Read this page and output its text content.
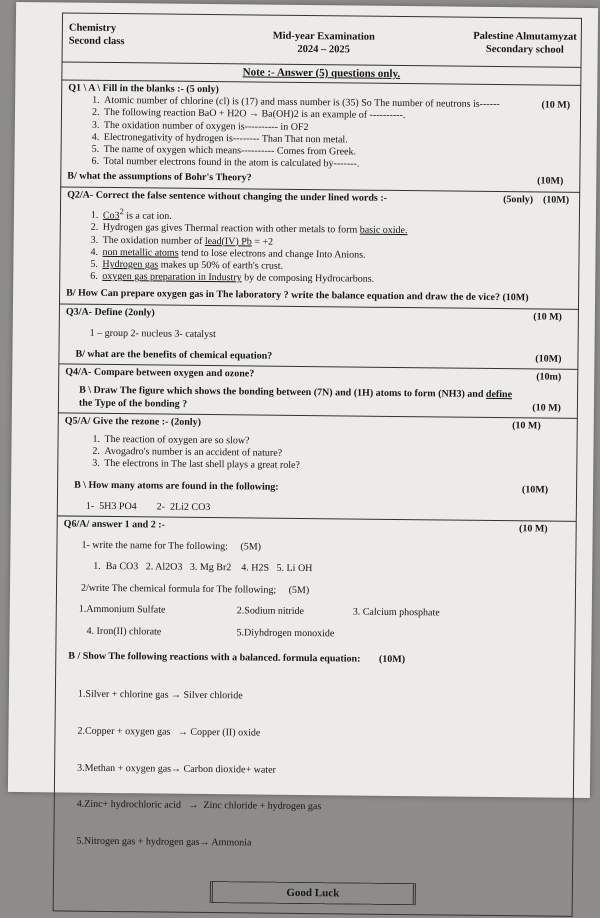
Chemistry
Second class	Mid-year Examination
2024 – 2025
Palestine Almutamyzat
Secondary school
Note :- Answer (5) questions only.
Q1 \ A \ Fill in the blanks :- (5 only)
(10 M)
1. Atomic number of chlorine (cl) is (17) and mass number is (35) So The number of neutrons is------
2. The following reaction BaO + H2O → Ba(OH)2 is an example of ----------.
3. The oxidation number of oxygen is---------- in OF2
4. Electronegativity of hydrogen is-------- Than That non metal.
5. The name of oxygen which means---------- Comes from Greek.
6. Total number electrons found in the atom is calculated by-------.
B/ what the assumptions of Bohr's Theory?	(10M)
Q2/A- Correct the false sentence without changing the under lined words :-	(5only) (10M)
1. $Co3^2$ is a cat ion.
2. Hydrogen gas gives Thermal reaction with other metals to form basic oxide.
3. The oxidation number of lead(IV) Pb = +2
4. non metallic atoms tend to lose electrons and change Into Anions.
5. Hydrogen gas makes up 50% of earth's crust.
6. oxygen gas preparation in Industry by de composing Hydrocarbons.
B/ How Can prepare oxygen gas in The laboratory ? write the balance equation and draw the de vice? (10M)
Q3/A- Define (2only)	(10 M)
1 – group 2- nucleus 3- catalyst
B/ what are the benefits of chemical equation?	(10M)
Q4/A- Compare between oxygen and ozone?	(10m)
B \ Draw The figure which shows the bonding between (7N) and (1H) atoms to form (NH3) and define
the Type of the bonding ?	(10 M)
Q5/A/ Give the rezone :- (2only)	(10 M)
1. The reaction of oxygen are so slow?
2. Avogadro's number is an accident of nature?
3. The electrons in The last shell plays a great role?
B \ How many atoms are found in the following:	(10M)
1-  5H3 PO4        2-  2Li2 CO3
Q6/A/ answer 1 and 2 :-	(10 M)
1- write the name for The following:     (5M)
1.  Ba CO3   2. Al2O3   3. Mg Br2    4. H2S   5. Li OH
2/write The chemical formula for The following;     (5M)
1.Ammonium Sulfate	2.Sodium nitride	3. Calcium phosphate
4. Iron(II) chlorate	5.Diyhdrogen monoxide
B / Show The following reactions with a balanced. formula equation: (10M)

1.Silver + chlorine gas → Silver chloride

2.Copper + oxygen gas   → Copper (II) oxide

3.Methan + oxygen gas→ Carbon dioxide+ water

4.Zinc+ hydrochloric acid   →  Zinc chloride + hydrogen gas

5.Nitrogen gas + hydrogen gas→ Ammonia

Good Luck
